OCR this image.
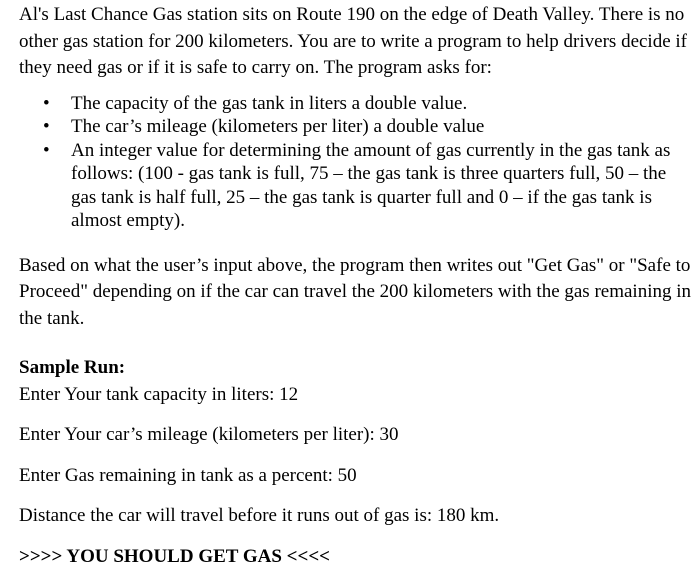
Al's Last Chance Gas station sits on Route 190 on the edge of Death Valley. There is no other gas station for 200 kilometers. You are to write a program to help drivers decide if they need gas or if it is safe to carry on. The program asks for:

• The capacity of the gas tank in liters a double value.
• The car’s mileage (kilometers per liter) a double value
• An integer value for determining the amount of gas currently in the gas tank as follows: (100 - gas tank is full, 75 – the gas tank is three quarters full, 50 – the gas tank is half full, 25 – the gas tank is quarter full and 0 – if the gas tank is almost empty).

Based on what the user’s input above, the program then writes out "Get Gas" or "Safe to Proceed" depending on if the car can travel the 200 kilometers with the gas remaining in the tank.

Sample Run:

Enter Your tank capacity in liters: 12

Enter Your car’s mileage (kilometers per liter): 30

Enter Gas remaining in tank as a percent: 50

Distance the car will travel before it runs out of gas is: 180 km.

>>>> YOU SHOULD GET GAS <<<<
